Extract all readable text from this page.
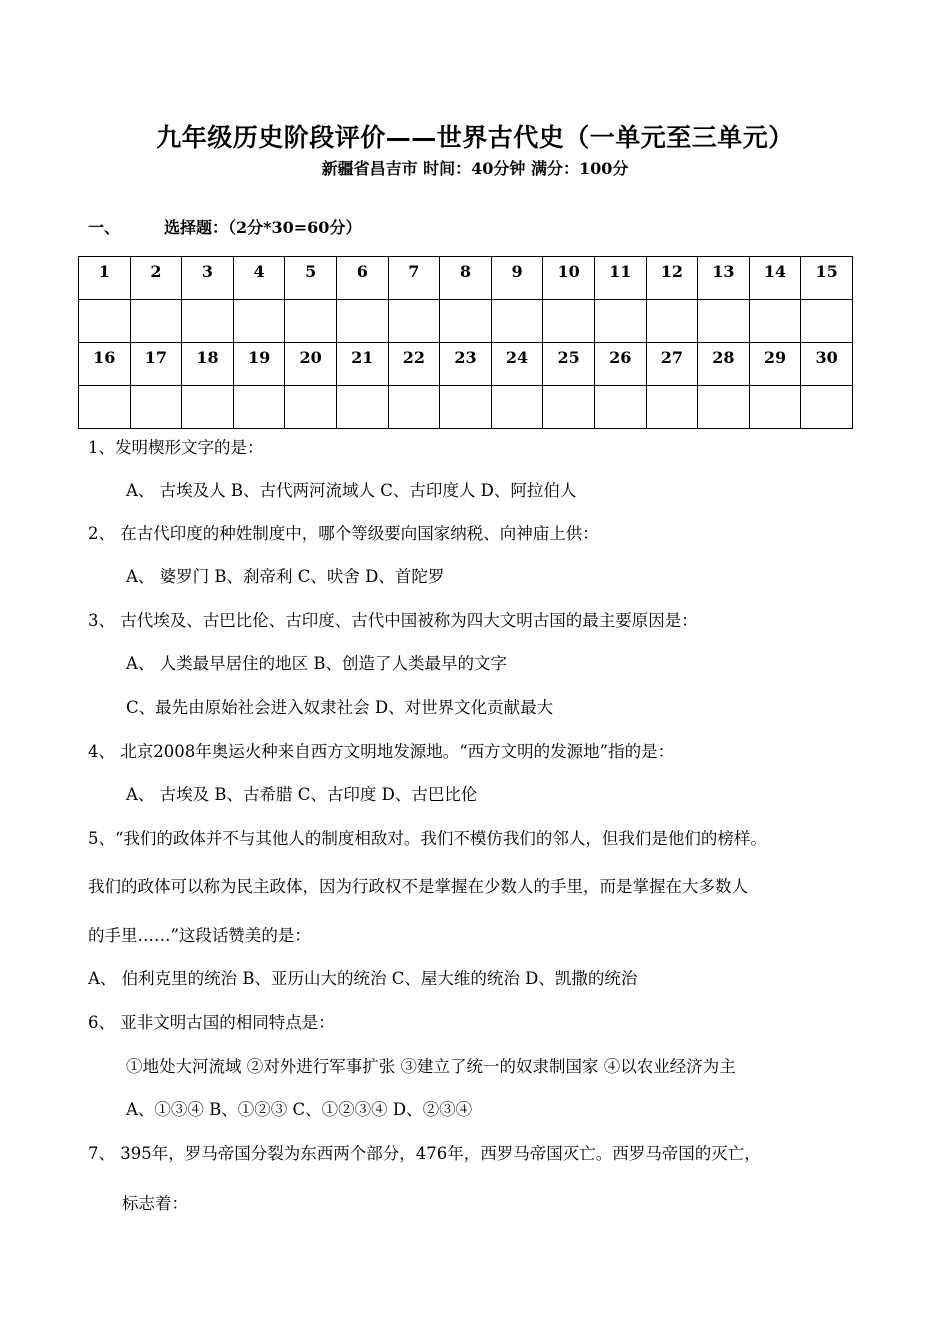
九年级历史阶段评价——世界古代史（一单元至三单元）
新疆省昌吉市 时间：40分钟 满分：100分
一、	选择题：（2分*30=60分）
1	2	3	4	5	6	7	8	9	10	11	12	13	14	15

16	17	18	19	20	21	22	23	24	25	26	27	28	29	30

1、发明楔形文字的是：
A、 古埃及人 B、古代两河流域人 C、古印度人 D、阿拉伯人
2、 在古代印度的种姓制度中，哪个等级要向国家纳税、向神庙上供：
A、 婆罗门 B、刹帝利 C、吠舍 D、首陀罗
3、 古代埃及、古巴比伦、古印度、古代中国被称为四大文明古国的最主要原因是：
A、 人类最早居住的地区 B、创造了人类最早的文字
C、最先由原始社会进入奴隶社会 D、对世界文化贡献最大
4、 北京2008年奥运火种来自西方文明地发源地。“西方文明的发源地”指的是：
A、 古埃及 B、古希腊 C、古印度 D、古巴比伦
5、“我们的政体并不与其他人的制度相敌对。我们不模仿我们的邻人，但我们是他们的榜样。
我们的政体可以称为民主政体，因为行政权不是掌握在少数人的手里，而是掌握在大多数人
的手里……”这段话赞美的是：
A、 伯利克里的统治 B、亚历山大的统治 C、屋大维的统治 D、凯撒的统治
6、 亚非文明古国的相同特点是：
①地处大河流域 ②对外进行军事扩张 ③建立了统一的奴隶制国家 ④以农业经济为主
A、①③④ B、①②③ C、①②③④ D、②③④
7、 395年，罗马帝国分裂为东西两个部分，476年，西罗马帝国灭亡。西罗马帝国的灭亡，
标志着：
